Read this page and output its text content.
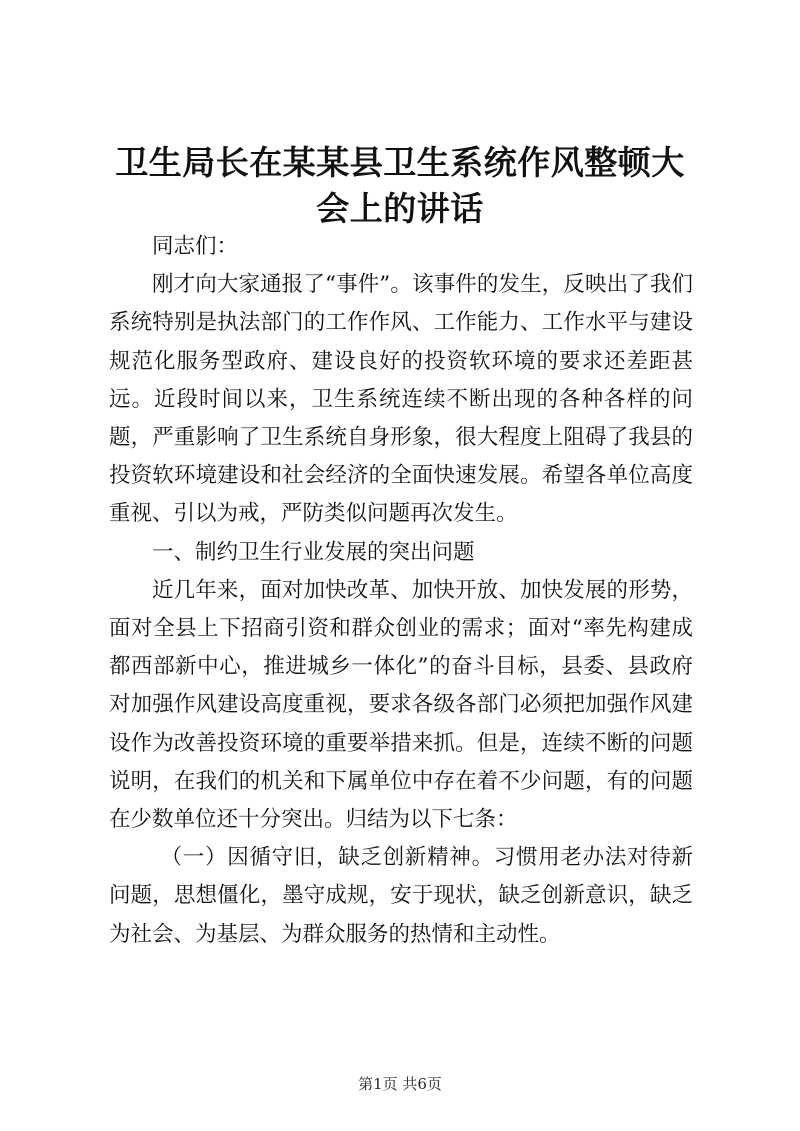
卫生局长在某某县卫生系统作风整顿大会上的讲话

同志们：

刚才向大家通报了“事件”。该事件的发生，反映出了我们系统特别是执法部门的工作作风、工作能力、工作水平与建设规范化服务型政府、建设良好的投资软环境的要求还差距甚远。近段时间以来，卫生系统连续不断出现的各种各样的问题，严重影响了卫生系统自身形象，很大程度上阻碍了我县的投资软环境建设和社会经济的全面快速发展。希望各单位高度重视、引以为戒，严防类似问题再次发生。

一、制约卫生行业发展的突出问题

近几年来，面对加快改革、加快开放、加快发展的形势，面对全县上下招商引资和群众创业的需求；面对“率先构建成都西部新中心，推进城乡一体化”的奋斗目标，县委、县政府对加强作风建设高度重视，要求各级各部门必须把加强作风建设作为改善投资环境的重要举措来抓。但是，连续不断的问题说明，在我们的机关和下属单位中存在着不少问题，有的问题在少数单位还十分突出。归结为以下七条：

（一）因循守旧，缺乏创新精神。习惯用老办法对待新问题，思想僵化，墨守成规，安于现状，缺乏创新意识，缺乏为社会、为基层、为群众服务的热情和主动性。

第1页 共6页
